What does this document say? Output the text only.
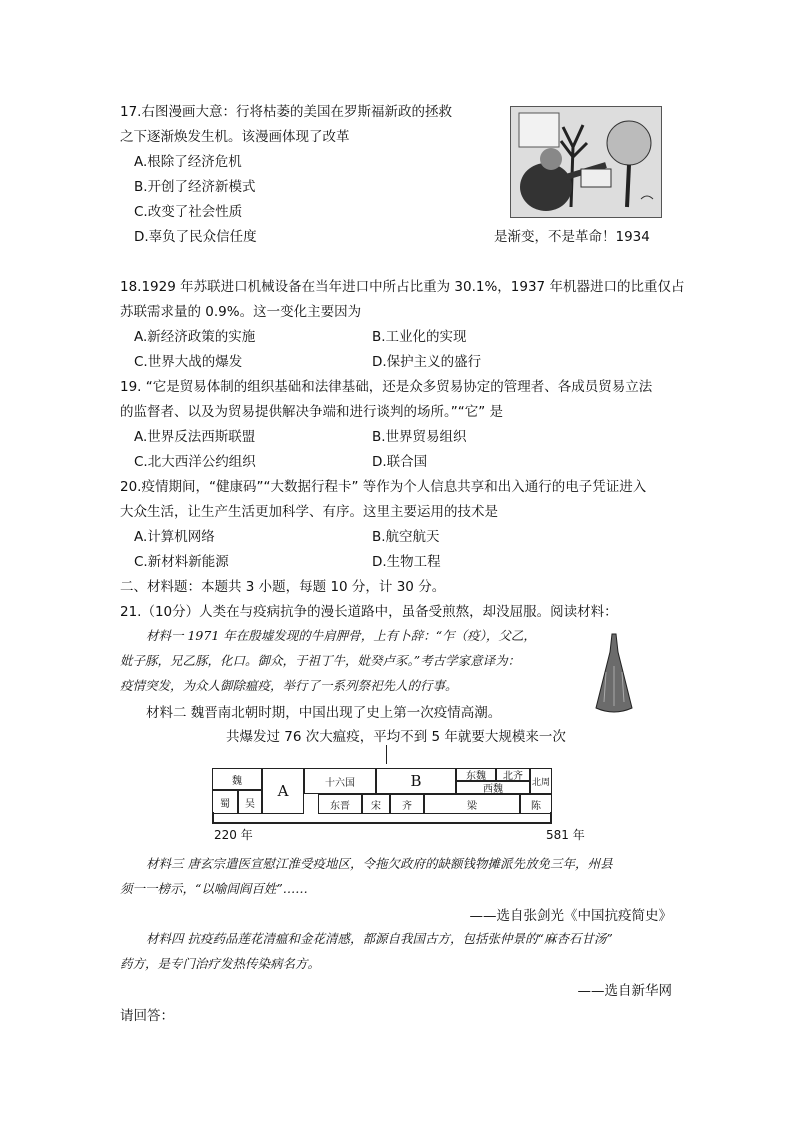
17.右图漫画大意：行将枯萎的美国在罗斯福新政的拯救
之下逐渐焕发生机。该漫画体现了改革
A.根除了经济危机
B.开创了经济新模式
C.改变了社会性质
D.辜负了民众信任度	是渐变，不是革命！1934
18.1929 年苏联进口机械设备在当年进口中所占比重为 30.1%，1937 年机器进口的比重仅占
苏联需求量的 0.9%。这一变化主要因为
A.新经济政策的实施	B.工业化的实现
C.世界大战的爆发	D.保护主义的盛行
19. “它是贸易体制的组织基础和法律基础，还是众多贸易协定的管理者、各成员贸易立法
的监督者、以及为贸易提供解决争端和进行谈判的场所。”“它” 是
A.世界反法西斯联盟	B.世界贸易组织
C.北大西洋公约组织	D.联合国
20.疫情期间，“健康码”“大数据行程卡” 等作为个人信息共享和出入通行的电子凭证进入
大众生活，让生产生活更加科学、有序。这里主要运用的技术是
A.计算机网络	B.航空航天
C.新材料新能源	D.生物工程
二、材料题：本题共 3 小题，每题 10 分，计 30 分。
21.（10分）人类在与疫病抗争的漫长道路中，虽备受煎熬，却没屈服。阅读材料：
材料一 1971 年在殷墟发现的牛肩胛骨，上有卜辞：“乍（疫），父乙，
妣子豚，兄乙豚，化口。御众，于祖丁牛，妣癸卢豕。”考古学家意译为：
疫情突发，为众人御除瘟疫，举行了一系列祭祀先人的行事。
材料二 魏晋南北朝时期，中国出现了史上第一次疫情高潮。
共爆发过 76 次大瘟疫，平均不到 5 年就要大规模来一次
魏
蜀	吴
A	十六国	B	东魏	北齐
北周
西魏
东晋	宋	齐	梁	陈
220 年	581 年
材料三 唐玄宗遣医宣慰江淮受疫地区，令拖欠政府的缺额钱物摊派先放免三年，州县
须一一榜示，“以喻闾阎百姓”……
——选自张剑光《中国抗疫简史》
材料四 抗疫药品莲花清瘟和金花清感，都源自我国古方，包括张仲景的“麻杏石甘汤”
药方，是专门治疗发热传染病名方。
——选自新华网
请回答：
